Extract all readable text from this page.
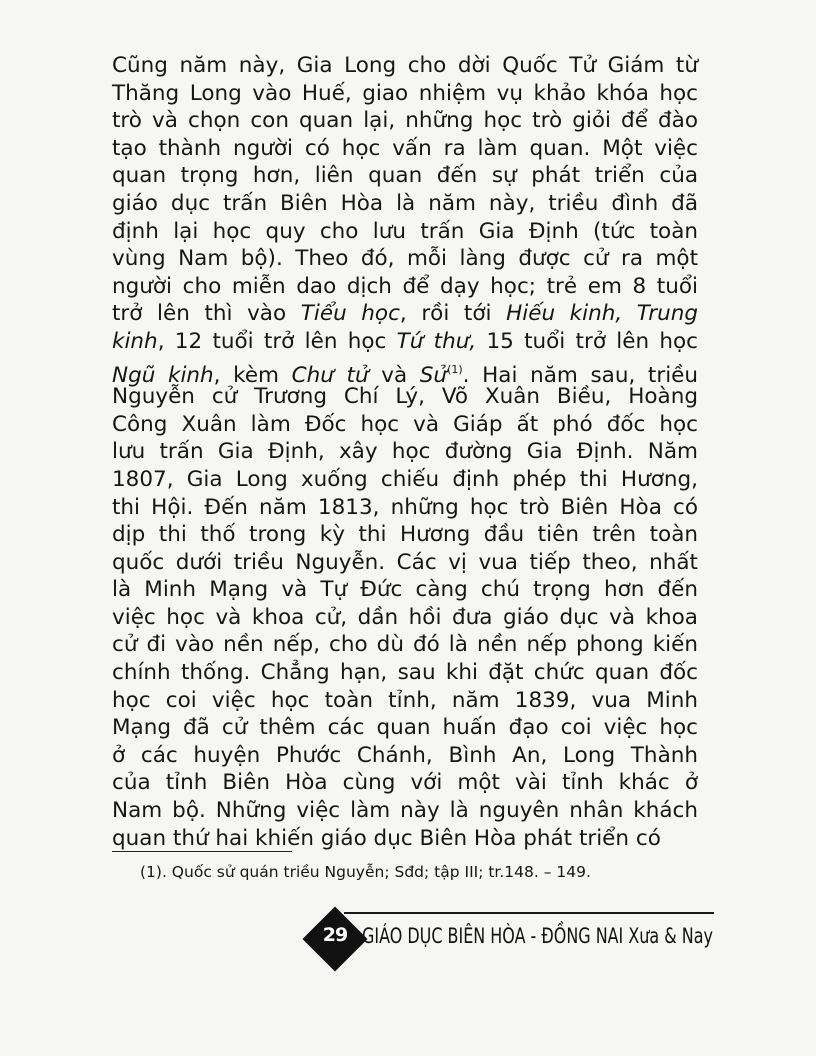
Cũng năm này, Gia Long cho dời Quốc Tử Giám từ
Thăng Long vào Huế, giao nhiệm vụ khảo khóa học
trò và chọn con quan lại, những học trò giỏi để đào
tạo thành người có học vấn ra làm quan. Một việc
quan trọng hơn, liên quan đến sự phát triển của
giáo dục trấn Biên Hòa là năm này, triều đình đã
định lại học quy cho lưu trấn Gia Định (tức toàn
vùng Nam bộ). Theo đó, mỗi làng được cử ra một
người cho miễn dao dịch để dạy học; trẻ em 8 tuổi
trở lên thì vào Tiểu học, rồi tới Hiếu kinh, Trung
kinh, 12 tuổi trở lên học Tứ thư, 15 tuổi trở lên học
Ngũ kinh, kèm Chư tử và Sử$^{(1)}$. Hai năm sau, triều
Nguyễn cử Trương Chí Lý, Võ Xuân Biều, Hoàng
Công Xuân làm Đốc học và Giáp ất phó đốc học
lưu trấn Gia Định, xây học đường Gia Định. Năm
1807, Gia Long xuống chiếu định phép thi Hương,
thi Hội. Đến năm 1813, những học trò Biên Hòa có
dịp thi thố trong kỳ thi Hương đầu tiên trên toàn
quốc dưới triều Nguyễn. Các vị vua tiếp theo, nhất
là Minh Mạng và Tự Đức càng chú trọng hơn đến
việc học và khoa cử, dần hồi đưa giáo dục và khoa
cử đi vào nền nếp, cho dù đó là nền nếp phong kiến
chính thống. Chẳng hạn, sau khi đặt chức quan đốc
học coi việc học toàn tỉnh, năm 1839, vua Minh
Mạng đã cử thêm các quan huấn đạo coi việc học
ở các huyện Phước Chánh, Bình An, Long Thành
của tỉnh Biên Hòa cùng với một vài tỉnh khác ở
Nam bộ. Những việc làm này là nguyên nhân khách
quan thứ hai khiến giáo dục Biên Hòa phát triển có
(1). Quốc sử quán triều Nguyễn; Sđd; tập III; tr.148. – 149.
29 GIÁO DỤC BIÊN HÒA - ĐỒNG NAI Xưa & Nay
